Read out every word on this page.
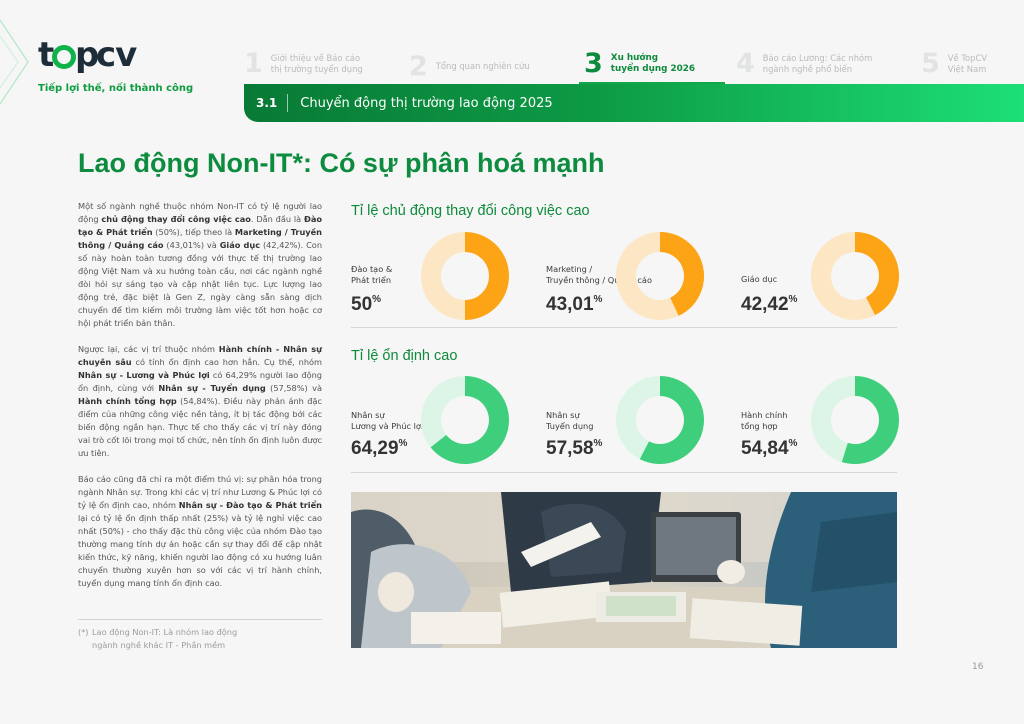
t p
cv
Tiếp lợi thế, nối thành công
1 Giới thiệu về Báo cáo
thị trường tuyển dụng 2 Tổng quan nghiên cứu 3 Xu hướng
tuyển dụng 2026 4 Báo cáo Lương: Các nhóm
ngành nghề phổ biến	5 Về TopCV
Việt Nam
3.1	Chuyển động thị trường lao động 2025
Lao động Non-IT*: Có sự phân hoá mạnh

Một số ngành nghề thuộc nhóm Non-IT có tỷ lệ người lao động chủ động thay đổi công việc cao. Dẫn đầu là Đào tạo & Phát triển (50%), tiếp theo là Marketing / Truyền thông / Quảng cáo (43,01%) và Giáo dục (42,42%). Con số này hoàn toàn tương đồng với thực tế thị trường lao động Việt Nam và xu hướng toàn cầu, nơi các ngành nghề đòi hỏi sự sáng tạo và cập nhật liên tục. Lực lượng lao động trẻ, đặc biệt là Gen Z, ngày càng sẵn sàng dịch chuyển để tìm kiếm môi trường làm việc tốt hơn hoặc cơ hội phát triển bản thân.

Ngược lại, các vị trí thuộc nhóm Hành chính - Nhân sự chuyên sâu có tính ổn định cao hơn hẳn. Cụ thể, nhóm Nhân sự - Lương và Phúc lợi có 64,29% người lao động ổn định, cùng với Nhân sự - Tuyển dụng (57,58%) và Hành chính tổng hợp (54,84%). Điều này phản ánh đặc điểm của những công việc nền tảng, ít bị tác động bởi các biến động ngắn hạn. Thực tế cho thấy các vị trí này đóng vai trò cốt lõi trong mọi tổ chức, nên tính ổn định luôn được ưu tiên.

Báo cáo cũng đã chỉ ra một điểm thú vị: sự phân hóa trong ngành Nhân sự. Trong khi các vị trí như Lương & Phúc lợi có tỷ lệ ổn định cao, nhóm Nhân sự - Đào tạo & Phát triển lại có tỷ lệ ổn định thấp nhất (25%) và tỷ lệ nghỉ việc cao nhất (50%) - cho thấy đặc thù công việc của nhóm Đào tạo thường mang tính dự án hoặc cần sự thay đổi để cập nhật kiến thức, kỹ năng, khiến người lao động có xu hướng luân chuyển thường xuyên hơn so với các vị trí hành chính, tuyển dụng mang tính ổn định cao.

(*) Lao động Non-IT: Là nhóm lao động ngành nghề khác IT - Phần mềm
Tỉ lệ chủ động thay đổi công việc cao
Đào tạo &
Phát triển
50%
Marketing /
Truyền thông / Quảng cáo
43,01%
Giáo dục
42,42%
Tỉ lệ ổn định cao
Nhân sự
Lương và Phúc lợi
64,29%
Nhân sự
Tuyển dụng
57,58%
Hành chính
tổng hợp
54,84%
16
